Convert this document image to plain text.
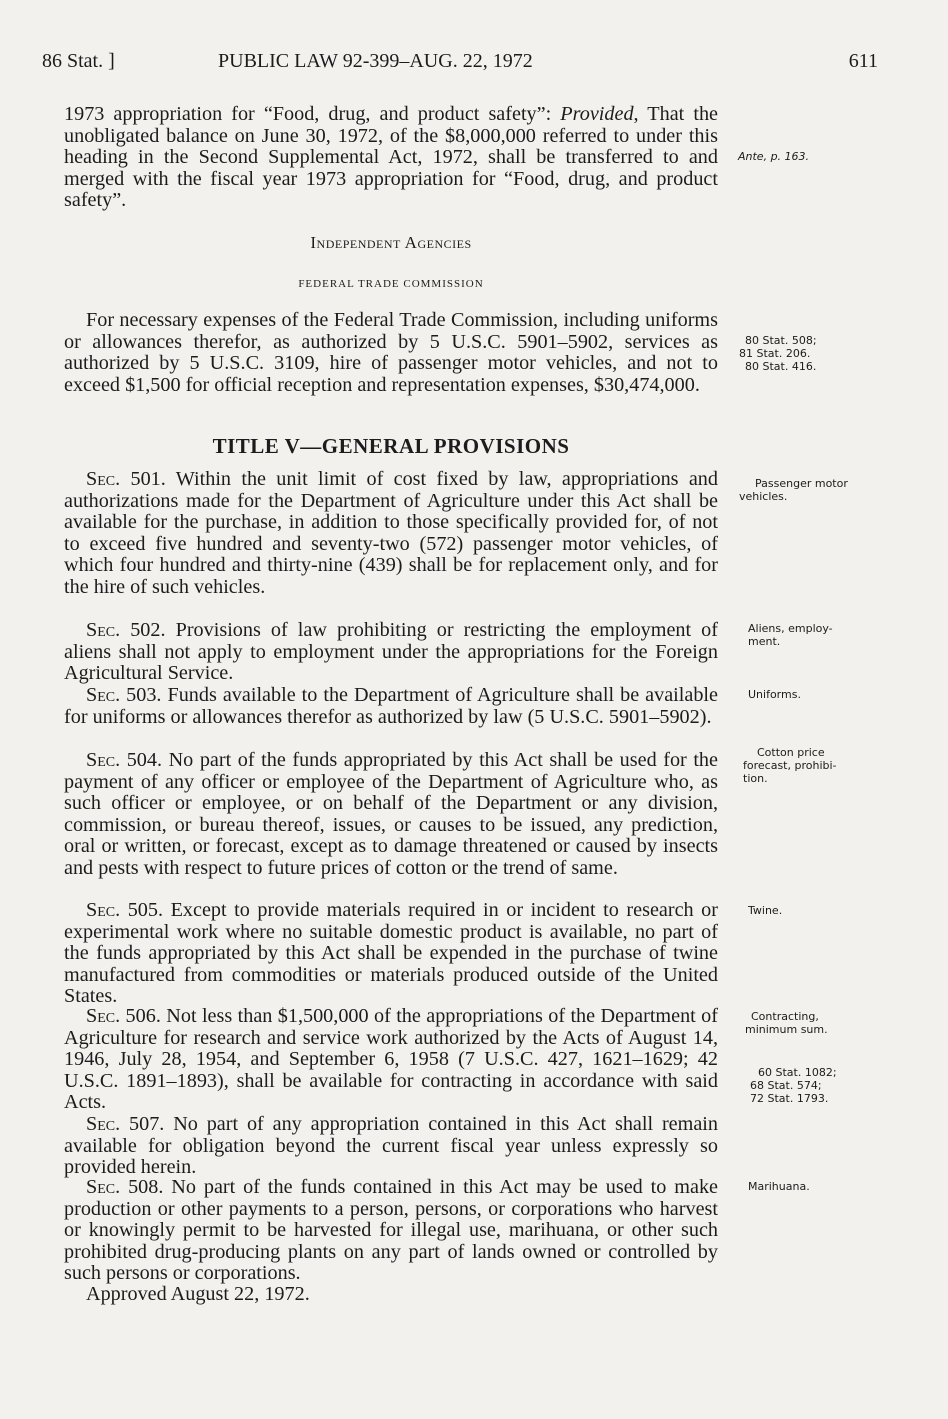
86 Stat. ]	PUBLIC LAW 92-399–AUG. 22, 1972	611

1973 appropriation for “Food, drug, and product safety”: Provided, That the unobligated balance on June 30, 1972, of the $8,000,000 referred to under this heading in the Second Supplemental Act, 1972, shall be transferred to and merged with the fiscal year 1973 appropriation for “Food, drug, and product safety”.

Independent Agencies
FEDERAL TRADE COMMISSION

For necessary expenses of the Federal Trade Commission, including uniforms or allowances therefor, as authorized by 5 U.S.C. 5901–5902, services as authorized by 5 U.S.C. 3109, hire of passenger motor vehicles, and not to exceed $1,500 for official reception and representation expenses, $30,474,000.

TITLE V—GENERAL PROVISIONS

Sec. 501. Within the unit limit of cost fixed by law, appropriations and authorizations made for the Department of Agriculture under this Act shall be available for the purchase, in addition to those specifically provided for, of not to exceed five hundred and seventy-two (572) passenger motor vehicles, of which four hundred and thirty-nine (439) shall be for replacement only, and for the hire of such vehicles.

Sec. 502. Provisions of law prohibiting or restricting the employment of aliens shall not apply to employment under the appropriations for the Foreign Agricultural Service.

Sec. 503. Funds available to the Department of Agriculture shall be available for uniforms or allowances therefor as authorized by law (5 U.S.C. 5901–5902).

Sec. 504. No part of the funds appropriated by this Act shall be used for the payment of any officer or employee of the Department of Agriculture who, as such officer or employee, or on behalf of the Department or any division, commission, or bureau thereof, issues, or causes to be issued, any prediction, oral or written, or forecast, except as to damage threatened or caused by insects and pests with respect to future prices of cotton or the trend of same.

Sec. 505. Except to provide materials required in or incident to research or experimental work where no suitable domestic product is available, no part of the funds appropriated by this Act shall be expended in the purchase of twine manufactured from commodities or materials produced outside of the United States.

Sec. 506. Not less than $1,500,000 of the appropriations of the Department of Agriculture for research and service work authorized by the Acts of August 14, 1946, July 28, 1954, and September 6, 1958 (7 U.S.C. 427, 1621–1629; 42 U.S.C. 1891–1893), shall be available for contracting in accordance with said Acts.

Sec. 507. No part of any appropriation contained in this Act shall remain available for obligation beyond the current fiscal year unless expressly so provided herein.

Sec. 508. No part of the funds contained in this Act may be used to make production or other payments to a person, persons, or corporations who harvest or knowingly permit to be harvested for illegal use, marihuana, or other such prohibited drug-producing plants on any part of lands owned or controlled by such persons or corporations.

Approved August 22, 1972.

Ante, p. 163.
80 Stat. 508;
81 Stat. 206.
80 Stat. 416.
Passenger motor
vehicles.
Aliens, employ-
ment.
Uniforms.
Cotton price
forecast, prohibi-
tion.
Twine.
Contracting,
minimum sum.
60 Stat. 1082;
68 Stat. 574;
72 Stat. 1793.
Marihuana.
